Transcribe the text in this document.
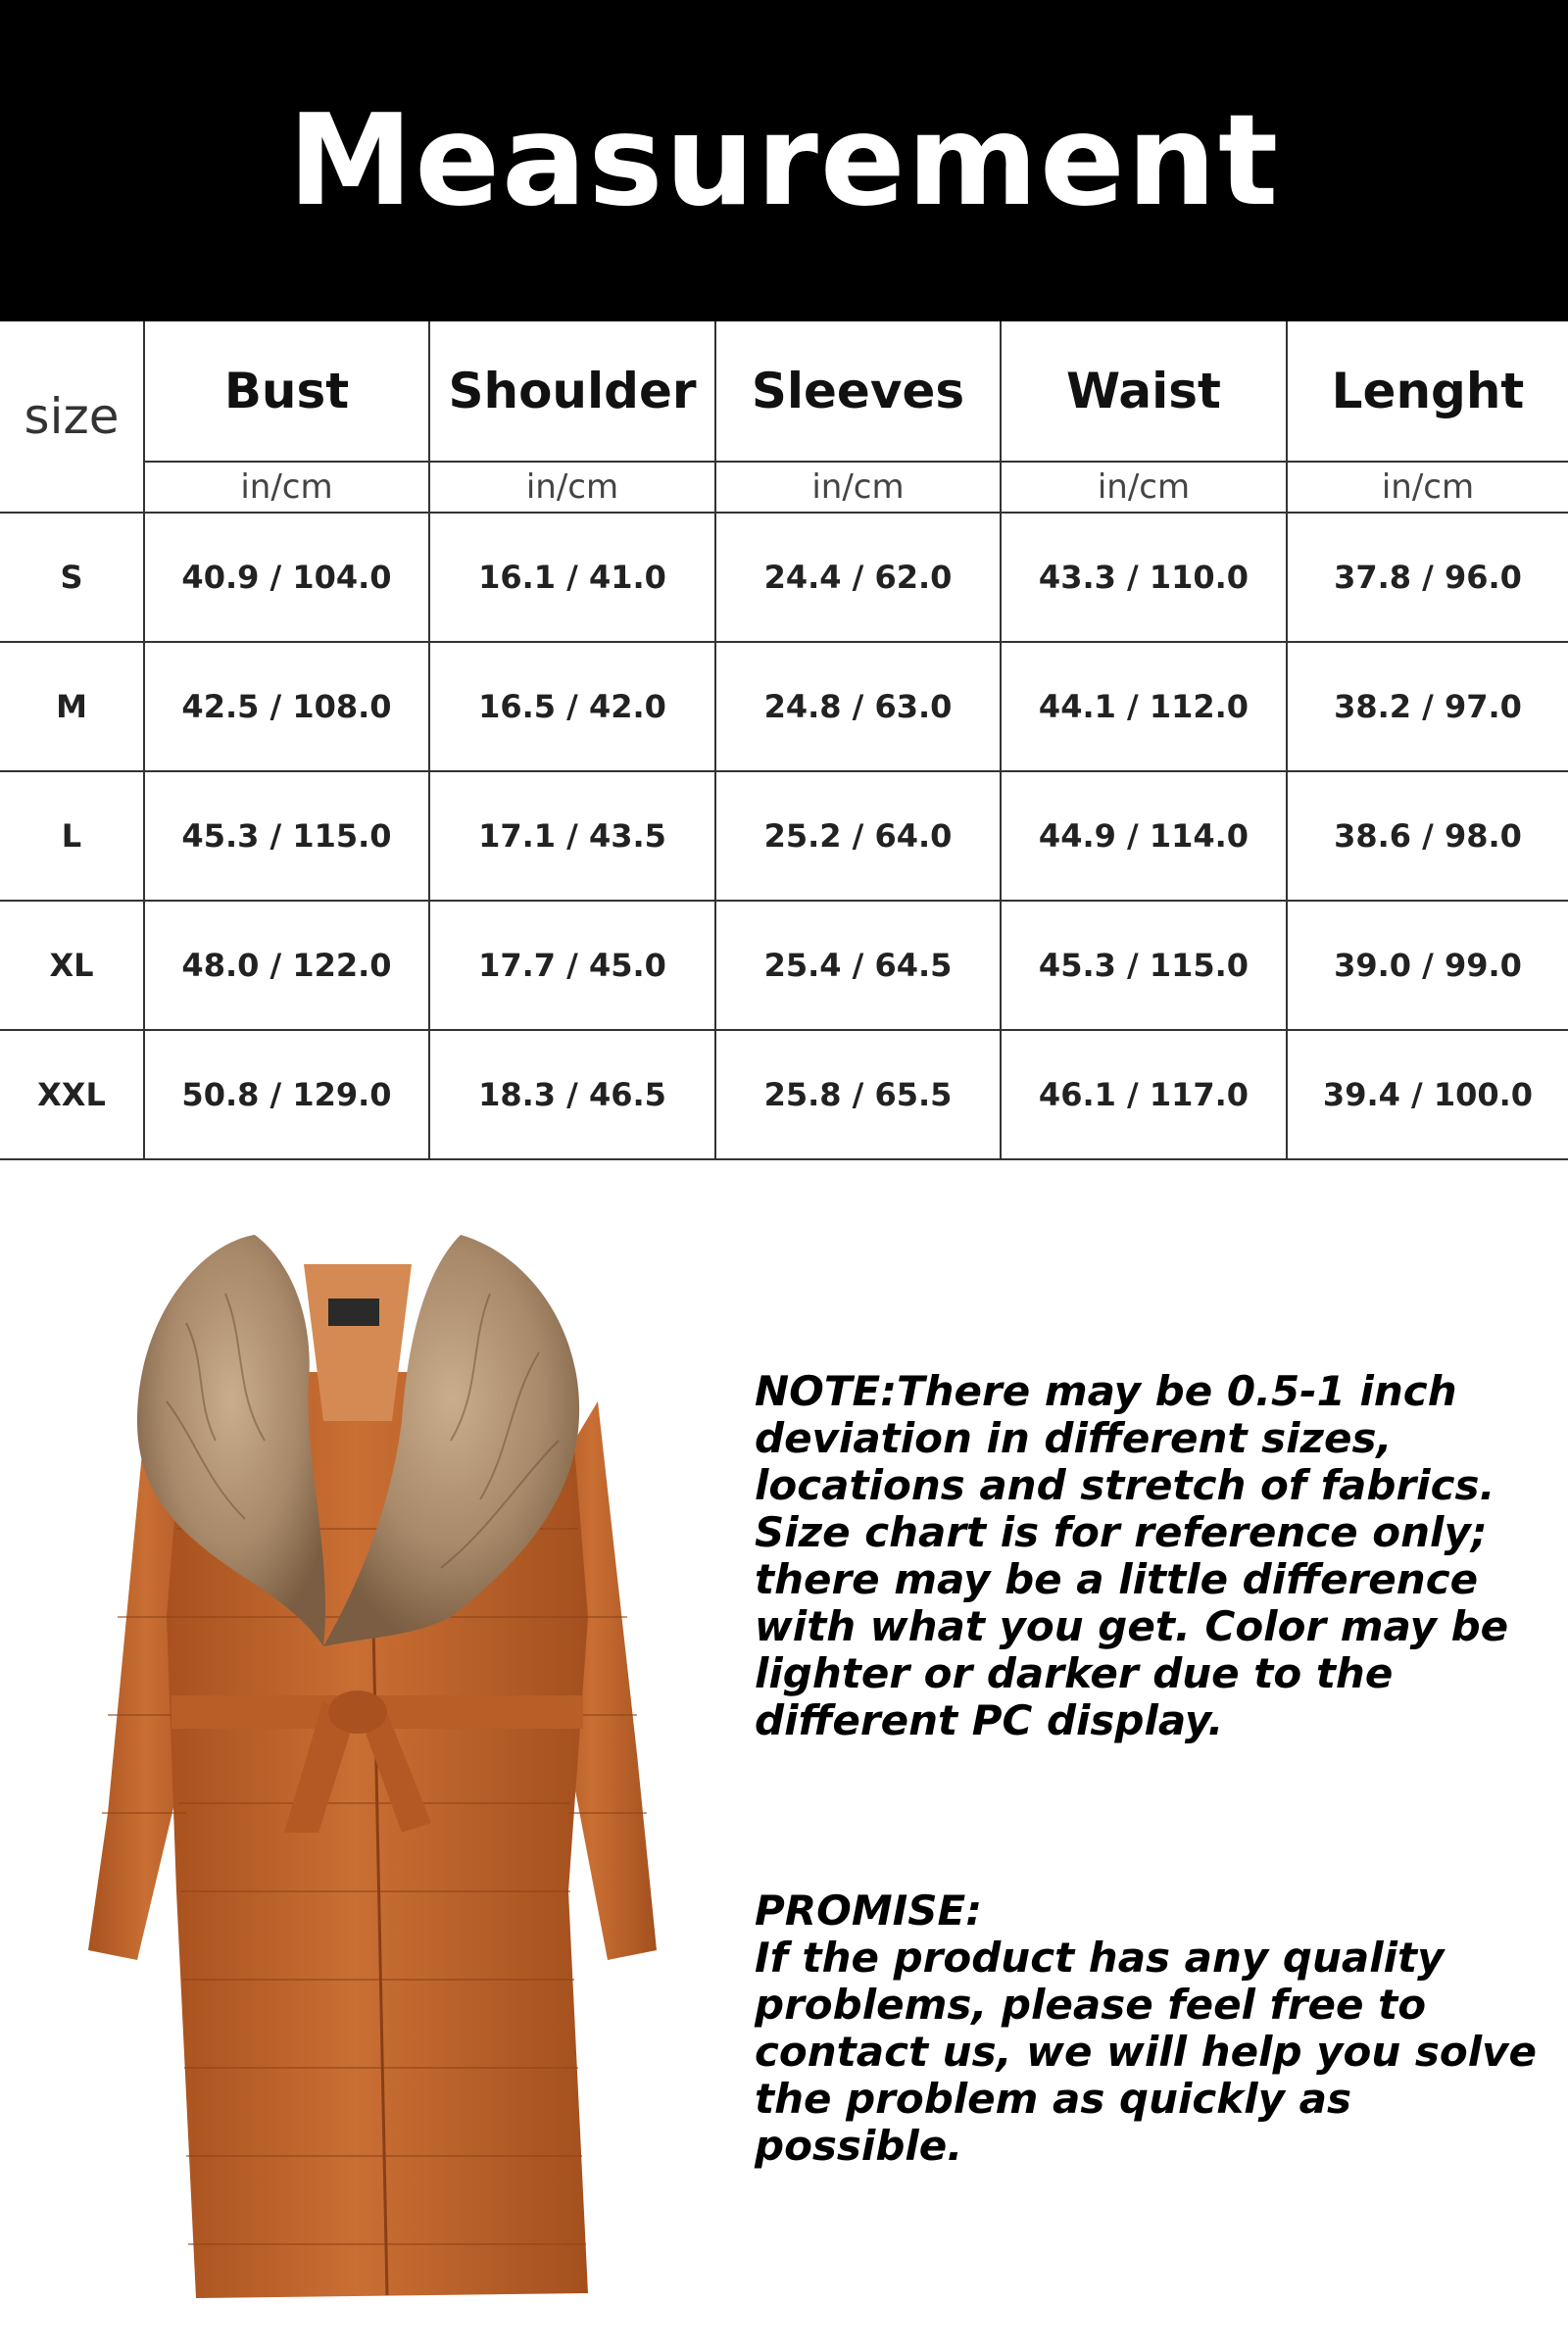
Measurement
size	Bust	Shoulder	Sleeves	Waist	Lenght
	in/cm	in/cm	in/cm	in/cm	in/cm
S	40.9 / 104.0	16.1 / 41.0	24.4 / 62.0	43.3 / 110.0	37.8 / 96.0
M	42.5 / 108.0	16.5 / 42.0	24.8 / 63.0	44.1 / 112.0	38.2 / 97.0
L	45.3 / 115.0	17.1 / 43.5	25.2 / 64.0	44.9 / 114.0	38.6 / 98.0
XL	48.0 / 122.0	17.7 / 45.0	25.4 / 64.5	45.3 / 115.0	39.0 / 99.0
XXL	50.8 / 129.0	18.3 / 46.5	25.8 / 65.5	46.1 / 117.0	39.4 / 100.0

NOTE:There may be 0.5-1 inch deviation in different sizes, locations and stretch of fabrics. Size chart is for reference only; there may be a little difference with what you get. Color may be lighter or darker due to the different PC display.

PROMISE:
If the product has any quality problems, please feel free to contact us, we will help you solve the problem as quickly as possible.
